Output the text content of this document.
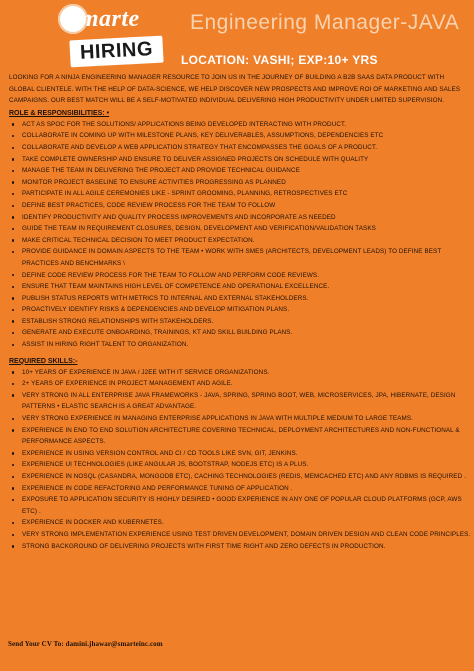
Smarte
HIRING
Engineering Manager-JAVA
LOCATION: VASHI; EXP:10+ YRS

LOOKING FOR A NINJA ENGINEERING MANAGER RESOURCE TO JOIN US IN THE JOURNEY OF BUILDING A B2B SAAS DATA PRODUCT WITH GLOBAL CLIENTELE. WITH THE HELP OF DATA-SCIENCE, WE HELP DISCOVER NEW PROSPECTS AND IMPROVE ROI OF MARKETING AND SALES CAMPAIGNS. OUR BEST MATCH WILL BE A SELF-MOTIVATED INDIVIDUAL DELIVERING HIGH PRODUCTIVITY UNDER LIMITED SUPERVISION.

ROLE & RESPONSIBILITIES: •
ACT AS SPOC FOR THE SOLUTIONS/ APPLICATIONS BEING DEVELOPED INTERACTING WITH PRODUCT.
COLLABORATE IN COMING UP WITH MILESTONE PLANS, KEY DELIVERABLES, ASSUMPTIONS, DEPENDENCIES ETC
COLLABORATE AND DEVELOP A WEB APPLICATION STRATEGY THAT ENCOMPASSES THE GOALS OF A PRODUCT.
TAKE COMPLETE OWNERSHIP AND ENSURE TO DELIVER ASSIGNED PROJECTS ON SCHEDULE WITH QUALITY
MANAGE THE TEAM IN DELIVERING THE PROJECT AND PROVIDE TECHNICAL GUIDANCE
MONITOR PROJECT BASELINE TO ENSURE ACTIVITIES PROGRESSING AS PLANNED
PARTICIPATE IN ALL AGILE CEREMONIES LIKE - SPRINT GROOMING, PLANNING, RETROSPECTIVES ETC
DEFINE BEST PRACTICES, CODE REVIEW PROCESS FOR THE TEAM TO FOLLOW
IDENTIFY PRODUCTIVITY AND QUALITY PROCESS IMPROVEMENTS AND INCORPORATE AS NEEDED
GUIDE THE TEAM IN REQUIREMENT CLOSURES, DESIGN, DEVELOPMENT AND VERIFICATION/VALIDATION TASKS
MAKE CRITICAL TECHNICAL DECISION TO MEET PRODUCT EXPECTATION.
PROVIDE GUIDANCE IN DOMAIN ASPECTS TO THE TEAM • WORK WITH SMES (ARCHITECTS, DEVELOPMENT LEADS) TO DEFINE BEST PRACTICES AND BENCHMARKS \
DEFINE CODE REVIEW PROCESS FOR THE TEAM TO FOLLOW AND PERFORM CODE REVIEWS.
ENSURE THAT TEAM MAINTAINS HIGH LEVEL OF COMPETENCE AND OPERATIONAL EXCELLENCE.
PUBLISH STATUS REPORTS WITH METRICS TO INTERNAL AND EXTERNAL STAKEHOLDERS.
PROACTIVELY IDENTIFY RISKS & DEPENDENCIES AND DEVELOP MITIGATION PLANS.
ESTABLISH STRONG RELATIONSHIPS WITH STAKEHOLDERS.
GENERATE AND EXECUTE ONBOARDING, TRAININGS, KT AND SKILL BUILDING PLANS.
ASSIST IN HIRING RIGHT TALENT TO ORGANIZATION.
REQUIRED SKILLS:-
10+ YEARS OF EXPERIENCE IN JAVA / J2EE WITH IT SERVICE ORGANIZATIONS.
2+ YEARS OF EXPERIENCE IN PROJECT MANAGEMENT AND AGILE.
VERY STRONG IN ALL ENTERPRISE JAVA FRAMEWORKS - JAVA, SPRING, SPRING BOOT, WEB, MICROSERVICES, JPA, HIBERNATE, DESIGN PATTERNS • ELASTIC SEARCH IS A GREAT ADVANTAGE.
VERY STRONG EXPERIENCE IN MANAGING ENTERPRISE APPLICATIONS IN JAVA WITH MULTIPLE MEDIUM TO LARGE TEAMS.
EXPERIENCE IN END TO END SOLUTION ARCHITECTURE COVERING TECHNICAL, DEPLOYMENT ARCHITECTURES AND NON-FUNCTIONAL & PERFORMANCE ASPECTS.
EXPERIENCE IN USING VERSION CONTROL AND CI / CD TOOLS LIKE SVN, GIT, JENKINS.
EXPERIENCE UI TECHNOLOGIES (LIKE ANGULAR JS, BOOTSTRAP, NODEJS ETC) IS A PLUS.
EXPERIENCE IN NOSQL (CASANDRA, MONGODB ETC), CACHING TECHNOLOGIES (REDIS, MEMCACHED ETC) AND ANY RDBMS IS REQUIRED .
EXPERIENCE IN CODE REFACTORING AND PERFORMANCE TUNING OF APPLICATION .
EXPOSURE TO APPLICATION SECURITY IS HIGHLY DESIRED • GOOD EXPERIENCE IN ANY ONE OF POPULAR CLOUD PLATFORMS (GCP, AWS ETC) .
EXPERIENCE IN DOCKER AND KUBERNETES.
VERY STRONG IMPLEMENTATION EXPERIENCE USING TEST DRIVEN DEVELOPMENT, DOMAIN DRIVEN DESIGN AND CLEAN CODE PRINCIPLES.
STRONG BACKGROUND OF DELIVERING PROJECTS WITH FIRST TIME RIGHT AND ZERO DEFECTS IN PRODUCTION.
Send Your CV To: damini.jhawar@smarteinc.com
